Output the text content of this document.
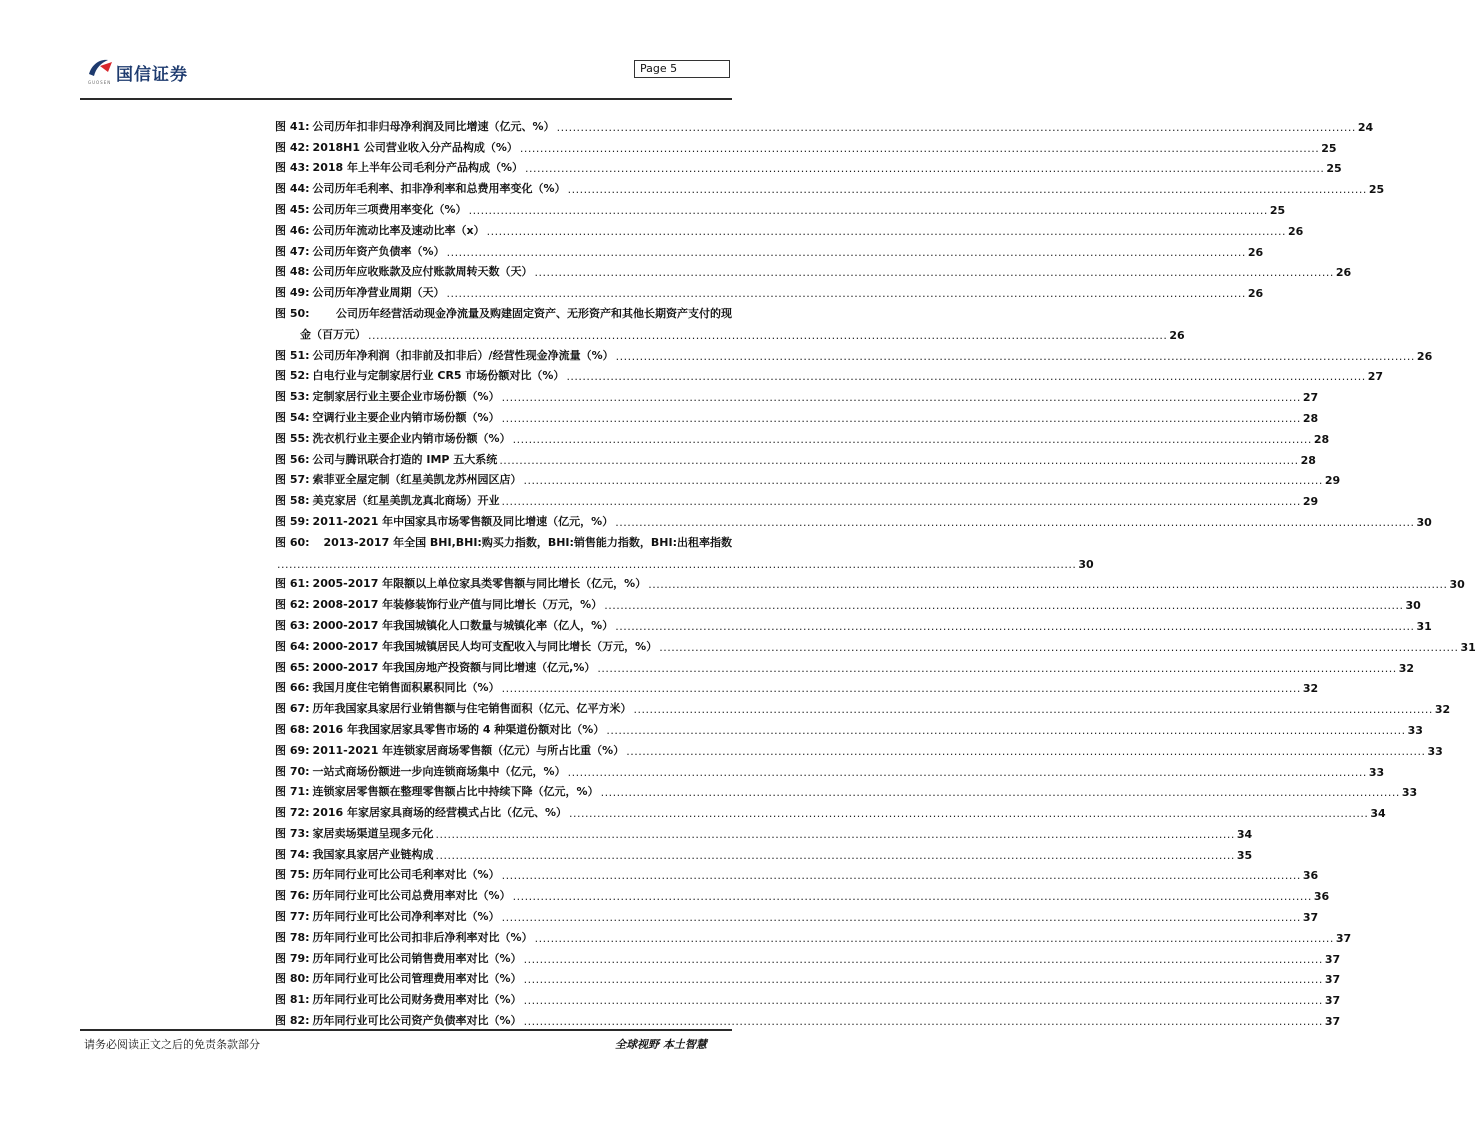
国信证券
GUOSEN
Page 5
图 41: 公司历年扣非归母净利润及同比增速（亿元、%） ........................................................................................................................................................................................................ 24
图 42: 2018H1 公司营业收入分产品构成（%） ........................................................................................................................................................................................................ 25
图 43: 2018 年上半年公司毛利分产品构成（%） ........................................................................................................................................................................................................ 25
图 44: 公司历年毛利率、扣非净利率和总费用率变化（%） ........................................................................................................................................................................................................ 25
图 45: 公司历年三项费用率变化（%） ........................................................................................................................................................................................................ 25
图 46: 公司历年流动比率及速动比率（x） ........................................................................................................................................................................................................ 26
图 47: 公司历年资产负债率（%） ........................................................................................................................................................................................................ 26
图 48: 公司历年应收账款及应付账款周转天数（天） ........................................................................................................................................................................................................ 26
图 49: 公司历年净营业周期（天） ........................................................................................................................................................................................................ 26
图 50: 公司历年经营活动现金净流量及购建固定资产、无形资产和其他长期资产支付的现
金（百万元） ........................................................................................................................................................................................................ 26
图 51: 公司历年净利润（扣非前及扣非后）/经营性现金净流量（%） ........................................................................................................................................................................................................ 26
图 52: 白电行业与定制家居行业 CR5 市场份额对比（%） ........................................................................................................................................................................................................ 27
图 53: 定制家居行业主要企业市场份额（%） ........................................................................................................................................................................................................ 27
图 54: 空调行业主要企业内销市场份额（%） ........................................................................................................................................................................................................ 28
图 55: 洗衣机行业主要企业内销市场份额（%） ........................................................................................................................................................................................................ 28
图 56: 公司与腾讯联合打造的 IMP 五大系统 ........................................................................................................................................................................................................ 28
图 57: 索菲亚全屋定制（红星美凯龙苏州园区店） ........................................................................................................................................................................................................ 29
图 58: 美克家居（红星美凯龙真北商场）开业 ........................................................................................................................................................................................................ 29
图 59: 2011-2021 年中国家具市场零售额及同比增速（亿元，%） ........................................................................................................................................................................................................ 30
图 60: 2013-2017 年全国 BHI,BHI:购买力指数，BHI:销售能力指数，BHI:出租率指数
........................................................................................................................................................................................................ 30
图 61: 2005-2017 年限额以上单位家具类零售额与同比增长（亿元，%） ........................................................................................................................................................................................................ 30
图 62: 2008-2017 年装修装饰行业产值与同比增长（万元，%） ........................................................................................................................................................................................................ 30
图 63: 2000-2017 年我国城镇化人口数量与城镇化率（亿人，%） ........................................................................................................................................................................................................ 31
图 64: 2000-2017 年我国城镇居民人均可支配收入与同比增长（万元，%） ........................................................................................................................................................................................................ 31
图 65: 2000-2017 年我国房地产投资额与同比增速（亿元,%） ........................................................................................................................................................................................................ 32
图 66: 我国月度住宅销售面积累积同比（%） ........................................................................................................................................................................................................ 32
图 67: 历年我国家具家居行业销售额与住宅销售面积（亿元、亿平方米） ........................................................................................................................................................................................................ 32
图 68: 2016 年我国家居家具零售市场的 4 种渠道份额对比（%） ........................................................................................................................................................................................................ 33
图 69: 2011-2021 年连锁家居商场零售额（亿元）与所占比重（%） ........................................................................................................................................................................................................ 33
图 70: 一站式商场份额进一步向连锁商场集中（亿元，%） ........................................................................................................................................................................................................ 33
图 71: 连锁家居零售额在整理零售额占比中持续下降（亿元，%） ........................................................................................................................................................................................................ 33
图 72: 2016 年家居家具商场的经营模式占比（亿元、%） ........................................................................................................................................................................................................ 34
图 73: 家居卖场渠道呈现多元化 ........................................................................................................................................................................................................ 34
图 74: 我国家具家居产业链构成 ........................................................................................................................................................................................................ 35
图 75: 历年同行业可比公司毛利率对比（%） ........................................................................................................................................................................................................ 36
图 76: 历年同行业可比公司总费用率对比（%） ........................................................................................................................................................................................................ 36
图 77: 历年同行业可比公司净利率对比（%） ........................................................................................................................................................................................................ 37
图 78: 历年同行业可比公司扣非后净利率对比（%） ........................................................................................................................................................................................................ 37
图 79: 历年同行业可比公司销售费用率对比（%） ........................................................................................................................................................................................................ 37
图 80: 历年同行业可比公司管理费用率对比（%） ........................................................................................................................................................................................................ 37
图 81: 历年同行业可比公司财务费用率对比（%） ........................................................................................................................................................................................................ 37
图 82: 历年同行业可比公司资产负债率对比（%） ........................................................................................................................................................................................................ 37
请务必阅读正文之后的免责条款部分	全球视野 本土智慧
